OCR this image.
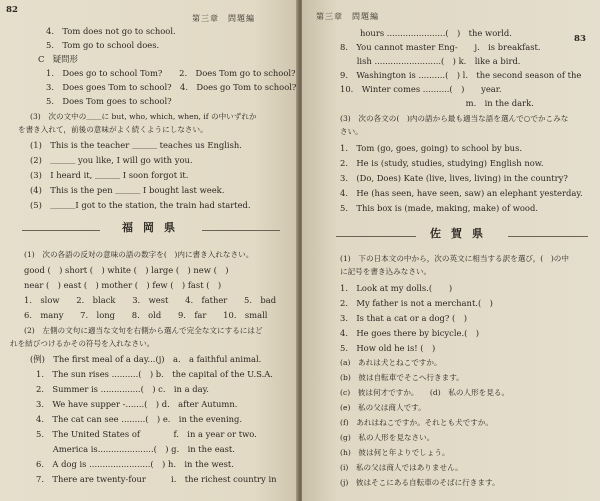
82
第三章　問題編
4.　Tom does not go to school.
5.　Tom go to school does.
C　疑問形
1.　Does go to school Tom?　　2.　Does Tom go to school?
3.　Does goes Tom to school?　4.　Does go Tom to school?
5.　Does Tom goes to school?
(3)　次の文中の＿＿に but, who, which, when, if の中いずれか
を書き入れて，前後の意味がよく続くようにしなさい。
(1)　This is the teacher ＿＿＿ teaches us English.
(2)　＿＿＿ you like, I will go with you.
(3)　I heard it, ＿＿＿ I soon forgot it.
(4)　This is the pen ＿＿＿ I bought last week.
(5)　＿＿＿I got to the station, the train had started.
福岡県
(1)　次の各語の反対の意味の語の数字を(　)内に書き入れなさい。
good (　) short (　) white (　) large (　) new (　)
near (　) east (　) mother (　) few (　) fast (　)
1.　slow　　2.　black　　3.　west　　4.　father　　5.　bad
6.　many　　7.　long　　8.　old　　9.　far　　10.　small
(2)　左側の文句に適当な文句を右側から選んで完全な文にするにはど
れを結びつけるかその符号を入れなさい。
(例)　The first meal of a day...(j)　a.　a faithful animal.
1.　The sun rises ..........(　) b.　the capital of the U.S.A.
2.　Summer is ...............(　) c.　in a day.
3.　We have supper -.......(　) d.　after Autumn.
4.　The cat can see .........(　) e.　in the evening.
5.　The United States of　　　　f.　in a year or two.
　　America is.....................(　) g.　in the east.
6.　A dog is .......................(　) h.　in the west.
7.　There are twenty-four　　　i.　the richest country in
第三章　問題編
83
hours ......................(　)　the world.
8.　You cannot master Eng-　　j.　is breakfast.
　　lish .........................(　) k.　like a bird.
9.　Washington is ..........(　) l.　the second season of the
10.　Winter comes ..........(　)　　year.
　　　　　　　　　　　　　　　m.　in the dark.
(3)　次の各文の(　)内の語から最も適当な語を選んで○でかこみな
さい。
1.　Tom (go, goes, going) to school by bus.
2.　He is (study, studies, studying) English now.
3.　(Do, Does) Kate (live, lives, living) in the country?
4.　He (has seen, have seen, saw) an elephant yesterday.
5.　This box is (made, making, make) of wood.
佐賀県
(1)　下の日本文の中から，次の英文に相当する訳を選び，(　)の中
に記号を書き込みなさい。
1.　Look at my dolls.(　　)
2.　My father is not a merchant.(　)
3.　Is that a cat or a dog? (　)
4.　He goes there by bicycle.(　)
5.　How old he is! (　)
(a)　あれは犬とねこですか。
(b)　彼は自転車でそこへ行きます。
(c)　彼は何才ですか。　　(d)　私の人形を見る。
(e)　私の父は商人です。
(f)　あれはねこですか。それとも犬ですか。
(g)　私の人形を見なさい。
(h)　彼は何と年よりでしょう。
(i)　私の父は商人ではありません。
(j)　彼はそこにある自転車のそばに行きます。
